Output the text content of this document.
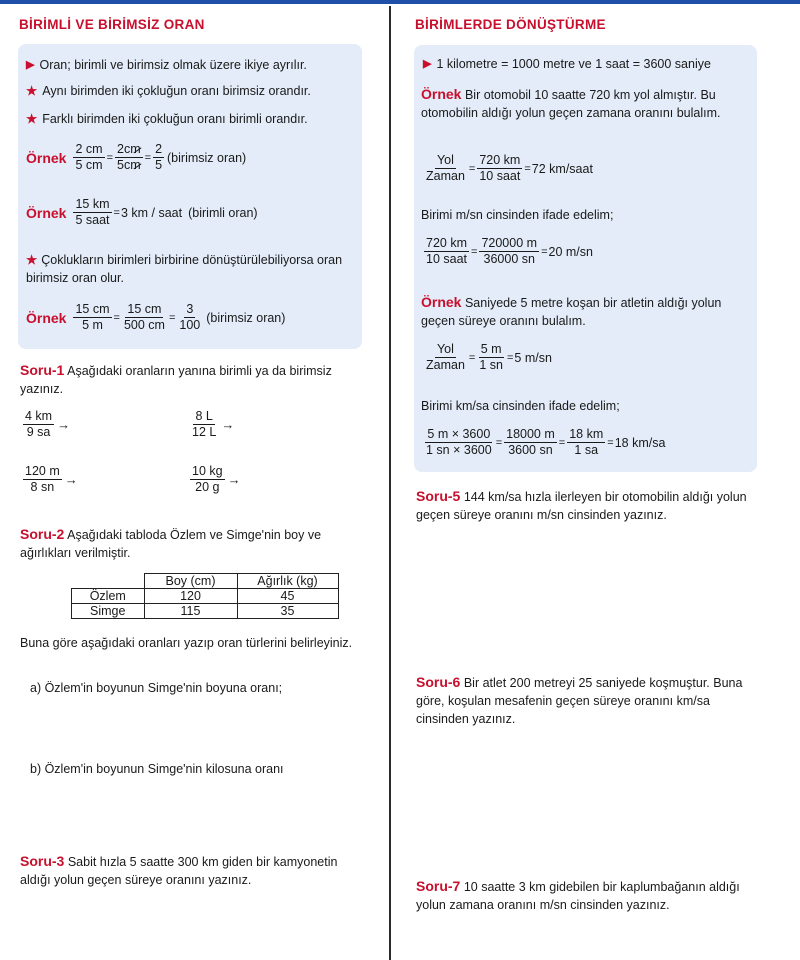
BİRİMLİ VE BİRİMSİZ ORAN
▶ Oran; birimli ve birimsiz olmak üzere ikiye ayrılır.
★ Aynı birimden iki çokluğun oranı birimsiz orandır.
★ Farklı birimden iki çokluğun oranı birimli orandır.
Örnek $\frac{2 cm}{5 cm} = \frac{2cm}{5cm} = \frac{2}{5}$ (birimsiz oran)
Örnek $\frac{15 km}{\text{5 saat}} = 3$ km / saat (birimli oran)
★ Çoklukların birimleri birbirine dönüştürülebiliyorsa oran birimsiz oran olur.
Örnek $\frac{15 cm}{5 m} = \frac{15 cm}{500 cm} = \frac{3}{100}$ (birimsiz oran)
Soru-1 Aşağıdaki oranların yanına birimli ya da birimsiz yazınız.
$\frac{4 km}{9 sa}$ →	$\frac{8 L}{12 L}$ →
$\frac{120 m}{8 sn}$ →	$\frac{10 kg}{20 g}$ →
Soru-2 Aşağıdaki tabloda Özlem ve Simge'nin boy ve ağırlıkları verilmiştir.
	Boy (cm)	Ağırlık (kg)
Özlem	120	45
Simge	115	35
Buna göre aşağıdaki oranları yazıp oran türlerini belirleyiniz.
a) Özlem'in boyunun Simge'nin boyuna oranı;
b) Özlem'in boyunun Simge'nin kilosuna oranı
Soru-3 Sabit hızla 5 saatte 300 km giden bir kamyonetin aldığı yolun geçen süreye oranını yazınız.
BİRİMLERDE DÖNÜŞTÜRME
▶ 1 kilometre = 1000 metre ve 1 saat = 3600 saniye
Örnek Bir otomobil 10 saatte 720 km yol almıştır. Bu otomobilin aldığı yolun geçen zamana oranını bulalım.
$\frac{\text{Yol}}{\text{Zaman}} = \frac{720 km}{\text{10 saat}} = 72$ km/saat
Birimi m/sn cinsinden ifade edelim;
$\frac{720 km}{\text{10 saat}} = \frac{720000 m}{36000 sn} = 20$ m/sn
Örnek Saniyede 5 metre koşan bir atletin aldığı yolun geçen süreye oranını bulalım.
$\frac{\text{Yol}}{\text{Zaman}} = \frac{5 m}{1 sn} = 5$ m/sn
Birimi km/sa cinsinden ifade edelim;
$\frac{5 m \times 3600}{1 sn \times 3600} = \frac{18000 m}{3600 sn} = \frac{18 km}{1 sa} = 18$ km/sa
Soru-5 144 km/sa hızla ilerleyen bir otomobilin aldığı yolun geçen süreye oranını m/sn cinsinden yazınız.
Soru-6 Bir atlet 200 metreyi 25 saniyede koşmuştur. Buna göre, koşulan mesafenin geçen süreye oranını km/sa cinsinden yazınız.
Soru-7 10 saatte 3 km gidebilen bir kaplumbağanın aldığı yolun zamana oranını m/sn cinsinden yazınız.
